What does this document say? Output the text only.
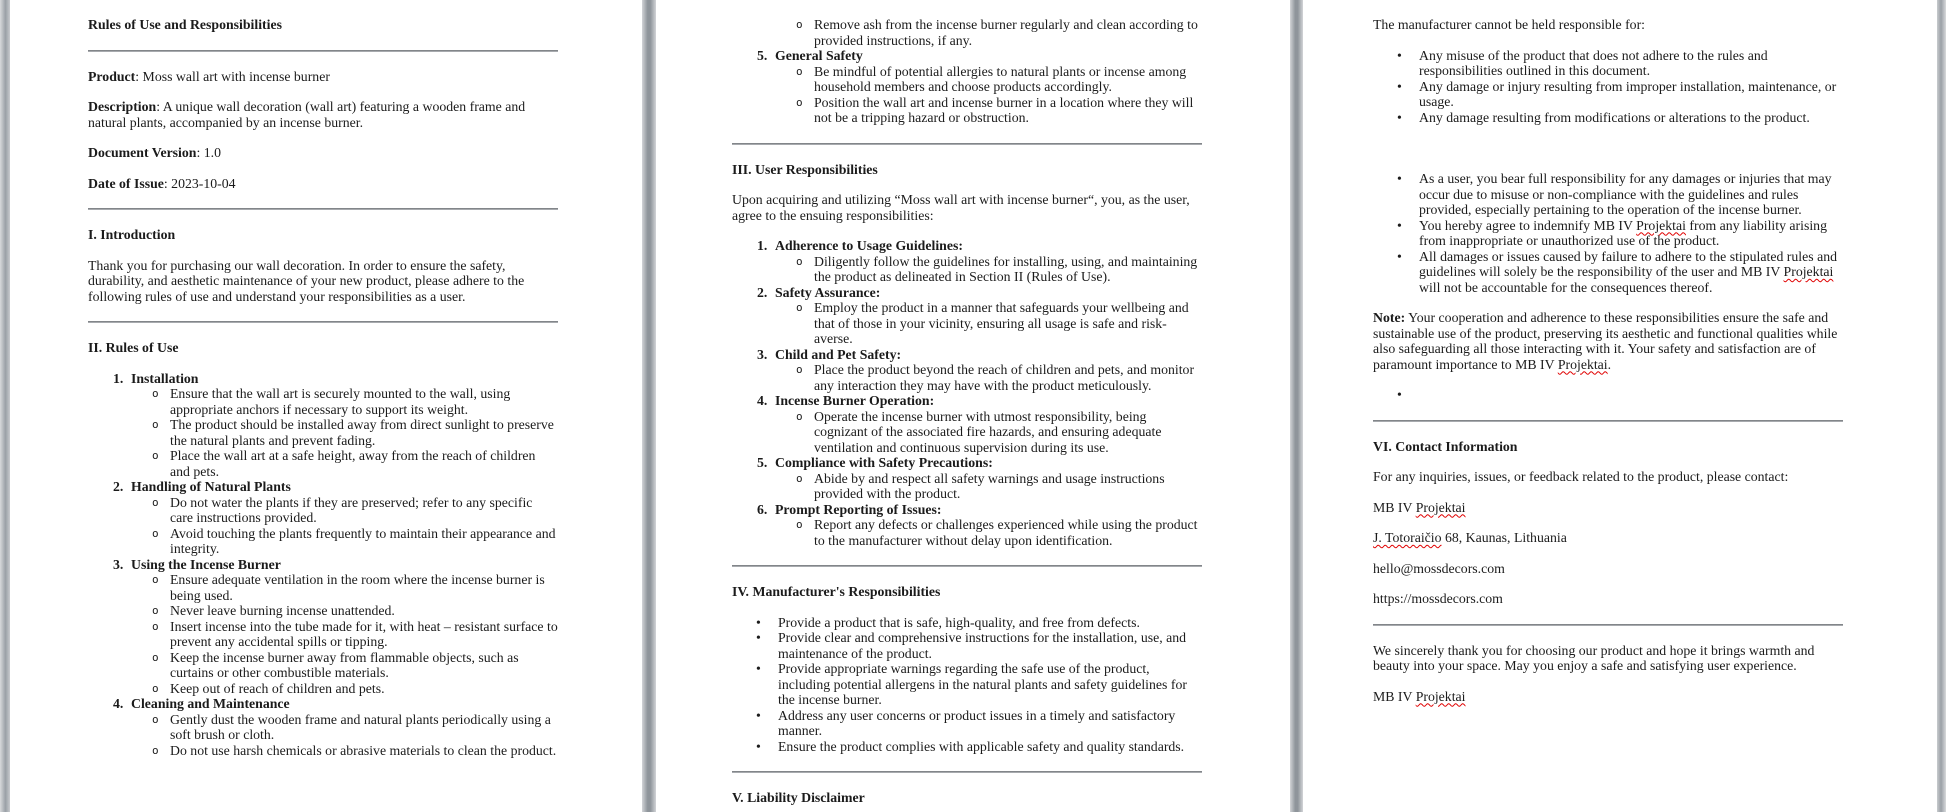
Rules of Use and Responsibilities
Product: Moss wall art with incense burner
Description: A unique wall decoration (wall art) featuring a wooden frame and natural plants, accompanied by an incense burner.
Document Version: 1.0
Date of Issue: 2023-10-04
I. Introduction
Thank you for purchasing our wall decoration. In order to ensure the safety, durability, and aesthetic maintenance of your new product, please adhere to the following rules of use and understand your responsibilities as a user.
II. Rules of Use
1. Installation
o Ensure that the wall art is securely mounted to the wall, using appropriate anchors if necessary to support its weight.
o The product should be installed away from direct sunlight to preserve the natural plants and prevent fading.
o Place the wall art at a safe height, away from the reach of children and pets.
2. Handling of Natural Plants
o Do not water the plants if they are preserved; refer to any specific care instructions provided.
o Avoid touching the plants frequently to maintain their appearance and integrity.
3. Using the Incense Burner
o Ensure adequate ventilation in the room where the incense burner is being used.
o Never leave burning incense unattended.
o Insert incense into the tube made for it, with heat – resistant surface to prevent any accidental spills or tipping.
o Keep the incense burner away from flammable objects, such as curtains or other combustible materials.
o Keep out of reach of children and pets.
4. Cleaning and Maintenance
o Gently dust the wooden frame and natural plants periodically using a soft brush or cloth.
o Do not use harsh chemicals or abrasive materials to clean the product.
o Remove ash from the incense burner regularly and clean according to provided instructions, if any.
5. General Safety
o Be mindful of potential allergies to natural plants or incense among household members and choose products accordingly.
o Position the wall art and incense burner in a location where they will not be a tripping hazard or obstruction.
III. User Responsibilities
Upon acquiring and utilizing “Moss wall art with incense burner“, you, as the user, agree to the ensuing responsibilities:
1. Adherence to Usage Guidelines:
o Diligently follow the guidelines for installing, using, and maintaining the product as delineated in Section II (Rules of Use).
2. Safety Assurance:
o Employ the product in a manner that safeguards your wellbeing and that of those in your vicinity, ensuring all usage is safe and risk-averse.
3. Child and Pet Safety:
o Place the product beyond the reach of children and pets, and monitor any interaction they may have with the product meticulously.
4. Incense Burner Operation:
o Operate the incense burner with utmost responsibility, being cognizant of the associated fire hazards, and ensuring adequate ventilation and continuous supervision during its use.
5. Compliance with Safety Precautions:
o Abide by and respect all safety warnings and usage instructions provided with the product.
6. Prompt Reporting of Issues:
o Report any defects or challenges experienced while using the product to the manufacturer without delay upon identification.
IV. Manufacturer's Responsibilities
• Provide a product that is safe, high-quality, and free from defects.
• Provide clear and comprehensive instructions for the installation, use, and maintenance of the product.
• Provide appropriate warnings regarding the safe use of the product, including potential allergens in the natural plants and safety guidelines for the incense burner.
• Address any user concerns or product issues in a timely and satisfactory manner.
• Ensure the product complies with applicable safety and quality standards.
V. Liability Disclaimer
The manufacturer cannot be held responsible for:
• Any misuse of the product that does not adhere to the rules and responsibilities outlined in this document.
• Any damage or injury resulting from improper installation, maintenance, or usage.
• Any damage resulting from modifications or alterations to the product.
• As a user, you bear full responsibility for any damages or injuries that may occur due to misuse or non-compliance with the guidelines and rules provided, especially pertaining to the operation of the incense burner.
• You hereby agree to indemnify MB IV Projektai from any liability arising from inappropriate or unauthorized use of the product.
• All damages or issues caused by failure to adhere to the stipulated rules and guidelines will solely be the responsibility of the user and MB IV Projektai will not be accountable for the consequences thereof.
Note: Your cooperation and adherence to these responsibilities ensure the safe and sustainable use of the product, preserving its aesthetic and functional qualities while also safeguarding all those interacting with it. Your safety and satisfaction are of paramount importance to MB IV Projektai.
•
VI. Contact Information
For any inquiries, issues, or feedback related to the product, please contact:
MB IV Projektai
J. Totoraičio 68, Kaunas, Lithuania
hello@mossdecors.com
https://mossdecors.com
We sincerely thank you for choosing our product and hope it brings warmth and beauty into your space. May you enjoy a safe and satisfying user experience.
MB IV Projektai
